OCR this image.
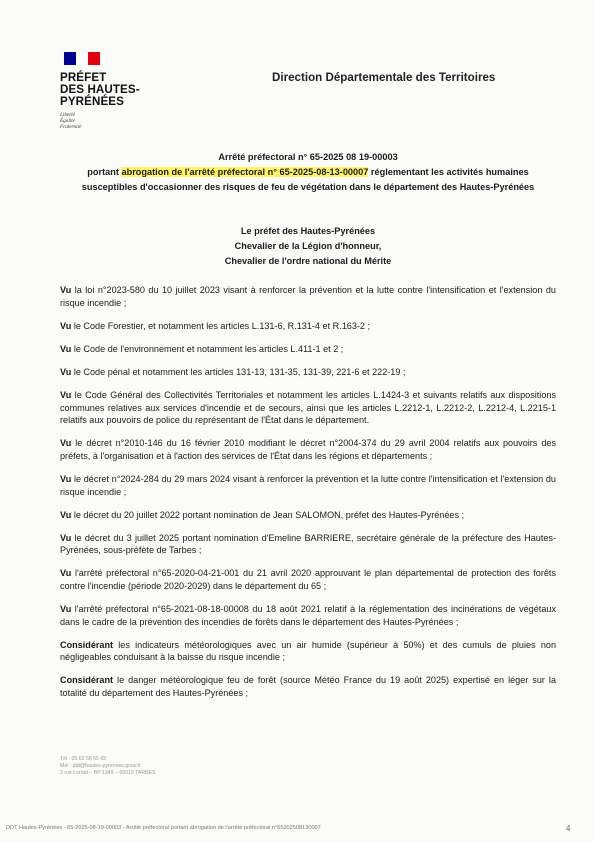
PRÉFET
DES HAUTES-
PYRÉNÉES
Liberté
Égalité
Fraternité
Direction Départementale des Territoires
Arrêté préfectoral n° 65-2025 08 19-00003
portant abrogation de l'arrêté préfectoral n° 65-2025-08-13-00007 réglementant les activités humaines susceptibles d'occasionner des risques de feu de végétation dans le département des Hautes-Pyrénées
Le préfet des Hautes-Pyrénées
Chevalier de la Légion d'honneur,
Chevalier de l'ordre national du Mérite

Vu la loi n°2023-580 du 10 juillet 2023 visant à renforcer la prévention et la lutte contre l'intensification et l'extension du risque incendie ;

Vu le Code Forestier, et notamment les articles L.131-6, R.131-4 et R.163-2 ;

Vu le Code de l'environnement et notamment les articles L.411-1 et 2 ;

Vu le Code pénal et notamment les articles 131-13, 131-35, 131-39, 221-6 et 222-19 ;

Vu le Code Général des Collectivités Territoriales et notamment les articles L.1424-3 et suivants relatifs aux dispositions communes relatives aux services d'incendie et de secours, ainsi que les articles L.2212-1, L.2212-2, L.2212-4, L.2215-1 relatifs aux pouvoirs de police du représentant de l'État dans le département.

Vu le décret n°2010-146 du 16 février 2010 modifiant le décret n°2004-374 du 29 avril 2004 relatifs aux pouvoirs des préfets, à l'organisation et à l'action des services de l'État dans les régions et départements ;

Vu le décret n°2024-284 du 29 mars 2024 visant à renforcer la prévention et la lutte contre l'intensification et l'extension du risque incendie ;

Vu le décret du 20 juillet 2022 portant nomination de Jean SALOMON, préfet des Hautes-Pyrénées ;

Vu le décret du 3 juillet 2025 portant nomination d'Emeline BARRIERE, secrétaire générale de la préfecture des Hautes-Pyrénées, sous-préfète de Tarbes ;

Vu l'arrêté préfectoral n°65-2020-04-21-001 du 21 avril 2020 approuvant le plan départemental de protection des forêts contre l'incendie (période 2020-2029) dans le département du 65 ;

Vu l'arrêté préfectoral n°65-2021-08-18-00008 du 18 août 2021 relatif à la réglementation des incinérations de végétaux dans le cadre de la prévention des incendies de forêts dans le département des Hautes-Pyrénées ;

Considérant les indicateurs météorologiques avec un air humide (supérieur à 50%) et des cumuls de pluies non négligeables conduisant à la baisse du risque incendie ;

Considérant le danger météorologique feu de forêt (source Météo France du 19 août 2025) expertisé en léger sur la totalité du département des Hautes-Pyrénées ;

Tél : 05 62 56 65 65
Mél : ddt@hautes-pyrenees.gouv.fr
3 rue Lordat – BP 1349 – 65013 TARBES
DDT Hautes-Pyrénées - 65-2025-08-19-00003 - Arrêté préfectoral portant abrogation de l'arrêté préfectoral n°65202508130007	4
